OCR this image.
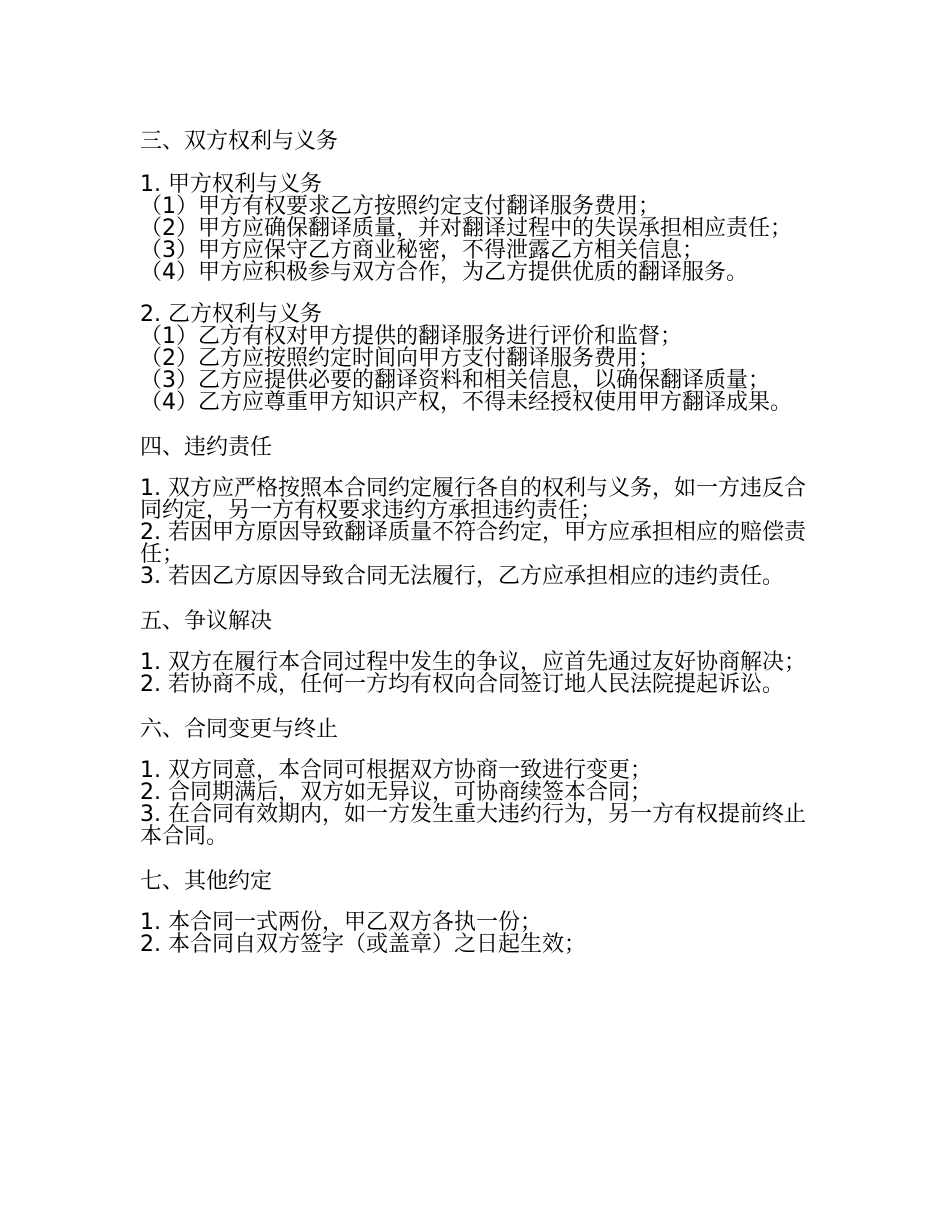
三、双方权利与义务

1. 甲方权利与义务

（1）甲方有权要求乙方按照约定支付翻译服务费用；

（2）甲方应确保翻译质量，并对翻译过程中的失误承担相应责任；

（3）甲方应保守乙方商业秘密，不得泄露乙方相关信息；

（4）甲方应积极参与双方合作，为乙方提供优质的翻译服务。

2. 乙方权利与义务

（1）乙方有权对甲方提供的翻译服务进行评价和监督；

（2）乙方应按照约定时间向甲方支付翻译服务费用；

（3）乙方应提供必要的翻译资料和相关信息，以确保翻译质量；

（4）乙方应尊重甲方知识产权，不得未经授权使用甲方翻译成果。

四、违约责任

1. 双方应严格按照本合同约定履行各自的权利与义务，如一方违反合同约定，另一方有权要求违约方承担违约责任；

2. 若因甲方原因导致翻译质量不符合约定，甲方应承担相应的赔偿责任；

3. 若因乙方原因导致合同无法履行，乙方应承担相应的违约责任。

五、争议解决

1. 双方在履行本合同过程中发生的争议，应首先通过友好协商解决；

2. 若协商不成，任何一方均有权向合同签订地人民法院提起诉讼。

六、合同变更与终止

1. 双方同意，本合同可根据双方协商一致进行变更；

2. 合同期满后，双方如无异议，可协商续签本合同；

3. 在合同有效期内，如一方发生重大违约行为，另一方有权提前终止本合同。

七、其他约定

1. 本合同一式两份，甲乙双方各执一份；

2. 本合同自双方签字（或盖章）之日起生效；
